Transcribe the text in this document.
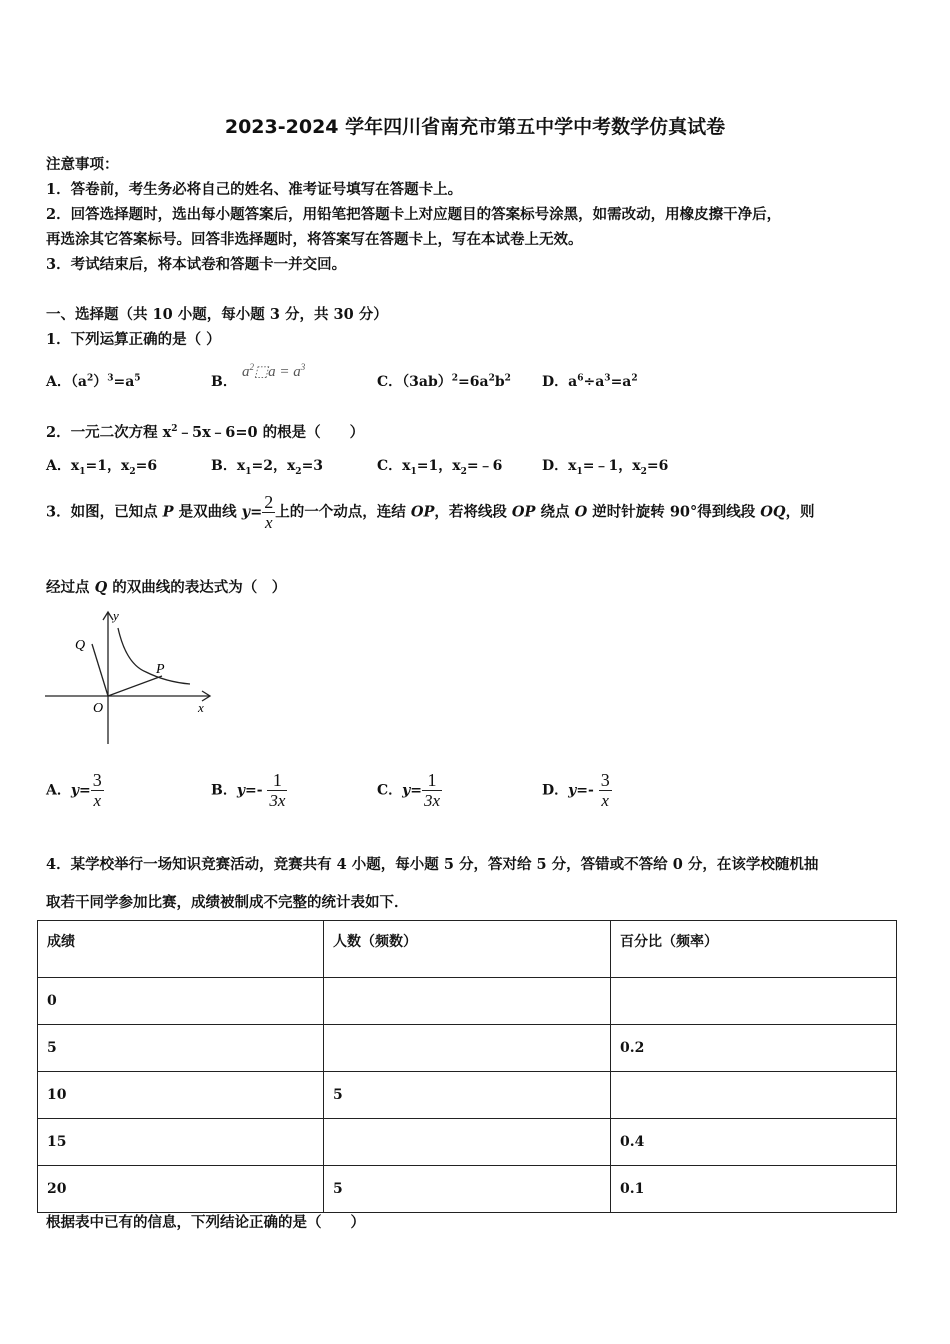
2023-2024 学年四川省南充市第五中学中考数学仿真试卷
注意事项：
1．答卷前，考生务必将自己的姓名、准考证号填写在答题卡上。
2．回答选择题时，选出每小题答案后，用铅笔把答题卡上对应题目的答案标号涂黑，如需改动，用橡皮擦干净后，
再选涂其它答案标号。回答非选择题时，将答案写在答题卡上，写在本试卷上无效。
3．考试结束后，将本试卷和答题卡一并交回。
一、选择题（共 10 小题，每小题 3 分，共 30 分）
1．下列运算正确的是（ ）
A．$(a^2)^3=a^5$	B．
$a^2⬚a = a^3$
C．$(3ab)^2=6a^2b^2$ D．$a^6\div a^3=a^2$
2．一元二次方程 $x^2﹣5x﹣6=0$ 的根是（　　）
A．$x_1=1$，$x_2=6$	B．$x_1=2$，$x_2=3$	C．$x_1=1$，$x_2=﹣6$	D．$x_1=﹣1$，$x_2=6$
3．如图，已知点 P 是双曲线 $y= \frac{2}{x}$ 上的一个动点，连结 OP，若将线段 OP 绕点 O 逆时针旋转 90°得到线段 OQ，则
经过点 Q 的双曲线的表达式为（　）
y
x
O
P
Q
A．$y= \frac{3}{x}$	B．$y=- \frac{1}{3x}$	C．$y= \frac{1}{3x}$	D．$y=- \frac{3}{x}$
4．某学校举行一场知识竞赛活动，竞赛共有 4 小题，每小题 5 分，答对给 5 分，答错或不答给 0 分，在该学校随机抽
取若干同学参加比赛，成绩被制成不完整的统计表如下．
成绩	人数（频数）	百分比（频率）
0		
5		0.2
10	5	
15		0.4
20	5	0.1
根据表中已有的信息，下列结论正确的是（　　）
